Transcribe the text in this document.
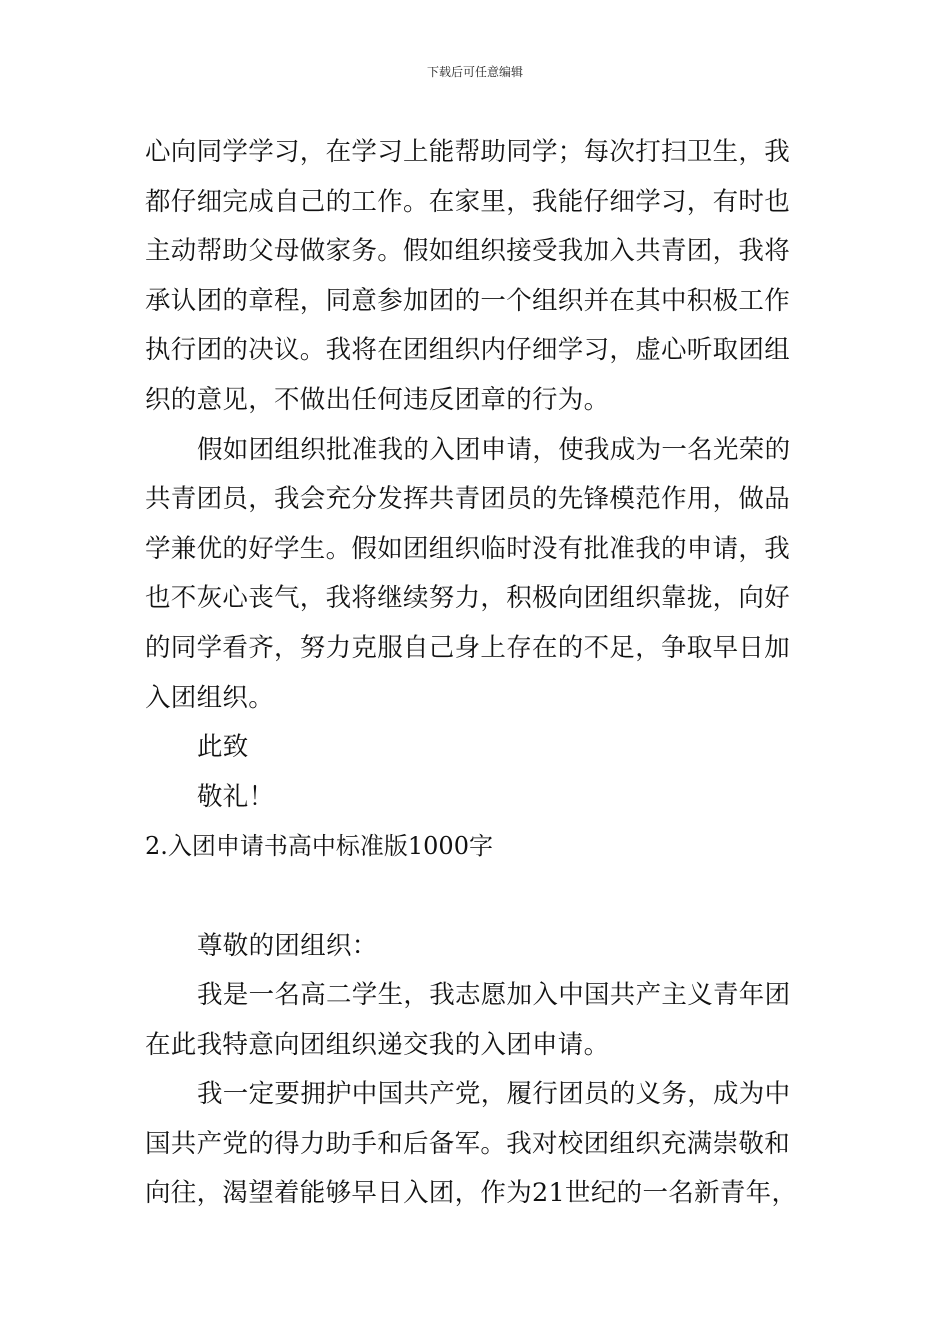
下载后可任意编辑
心向同学学习，在学习上能帮助同学；每次打扫卫生，我
都仔细完成自己的工作。在家里，我能仔细学习，有时也
主动帮助父母做家务。假如组织接受我加入共青团，我将
承认团的章程，同意参加团的一个组织并在其中积极工作
执行团的决议。我将在团组织内仔细学习，虚心听取团组
织的意见，不做出任何违反团章的行为。
假如团组织批准我的入团申请，使我成为一名光荣的
共青团员，我会充分发挥共青团员的先锋模范作用，做品
学兼优的好学生。假如团组织临时没有批准我的申请，我
也不灰心丧气，我将继续努力，积极向团组织靠拢，向好
的同学看齐，努力克服自己身上存在的不足，争取早日加
入团组织。
此致
敬礼！
2.入团申请书高中标准版1000字
尊敬的团组织：
我是一名高二学生，我志愿加入中国共产主义青年团
在此我特意向团组织递交我的入团申请。
我一定要拥护中国共产党，履行团员的义务，成为中
国共产党的得力助手和后备军。我对校团组织充满崇敬和
向往，渴望着能够早日入团，作为21世纪的一名新青年，
